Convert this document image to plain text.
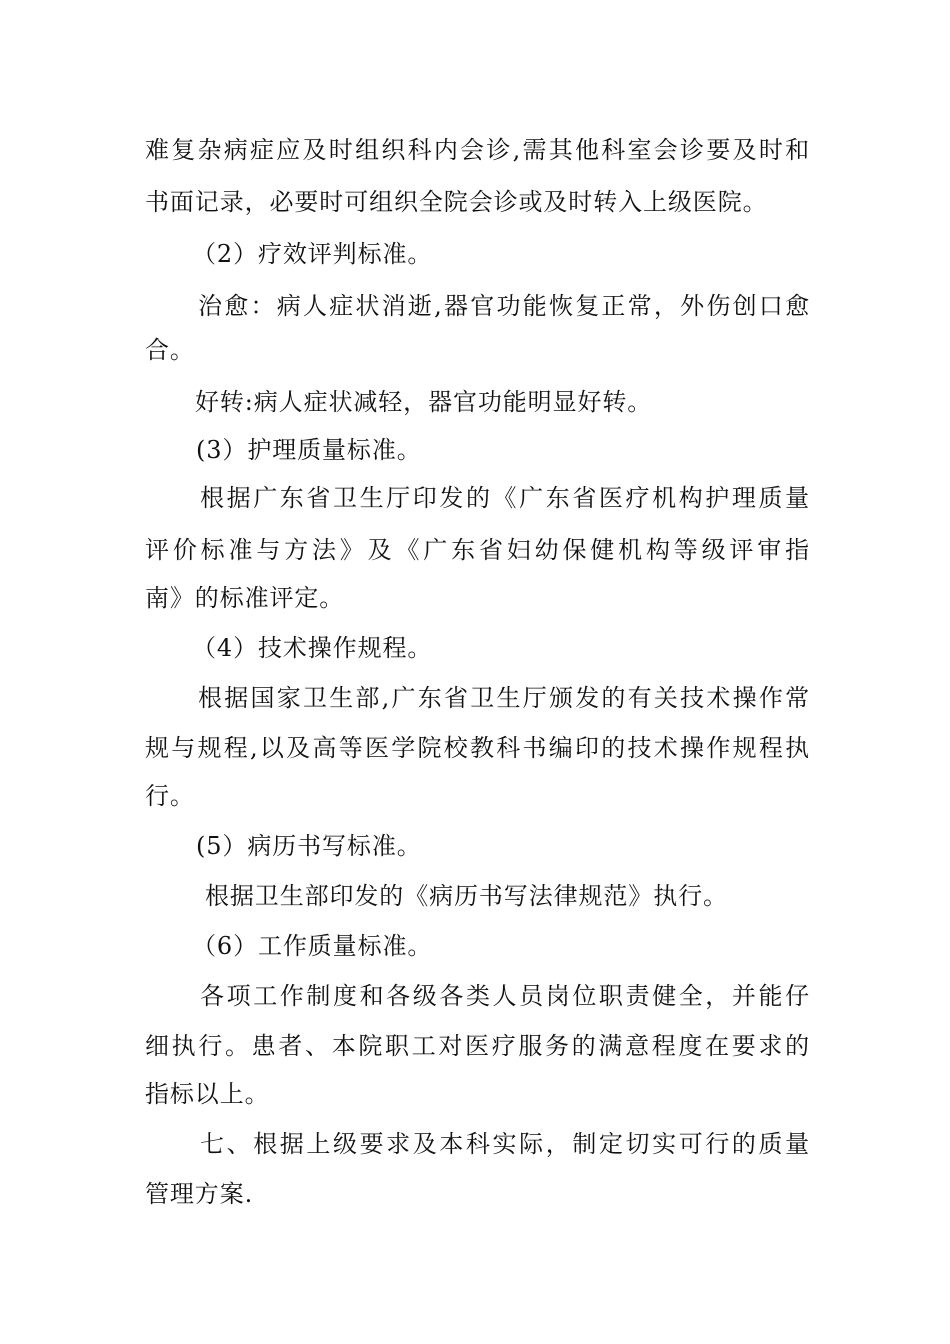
难复杂病症应及时组织科内会诊,需其他科室会诊要及时和
书面记录，必要时可组织全院会诊或及时转入上级医院。
（2）疗效评判标准。
治愈：病人症状消逝,器官功能恢复正常，外伤创口愈
合。
好转:病人症状减轻，器官功能明显好转。
(3）护理质量标准。
根据广东省卫生厅印发的《广东省医疗机构护理质量
评价标准与方法》及《广东省妇幼保健机构等级评审指
南》的标准评定。
（4）技术操作规程。
根据国家卫生部,广东省卫生厅颁发的有关技术操作常
规与规程,以及高等医学院校教科书编印的技术操作规程执
行。
(5）病历书写标准。
根据卫生部印发的《病历书写法律规范》执行。
（6）工作质量标准。
各项工作制度和各级各类人员岗位职责健全，并能仔
细执行。患者、本院职工对医疗服务的满意程度在要求的
指标以上。
七、根据上级要求及本科实际，制定切实可行的质量
管理方案.
